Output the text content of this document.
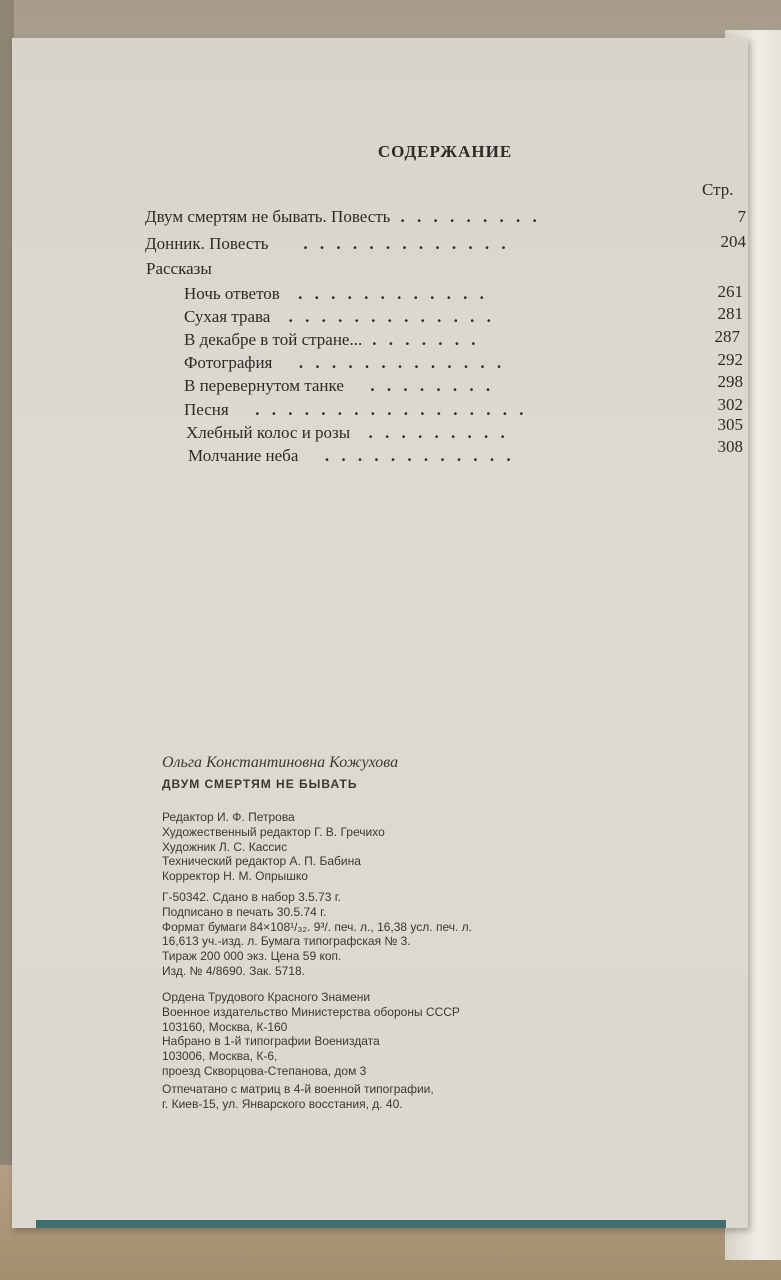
СОДЕРЖАНИЕ
Стр.
Двум смертям не бывать. Повесть . . . . . . . . .	7
Донник. Повесть   . . . . . . . . . . . . .	204
Рассказы
Ночь ответов . . . . . . . . . . . .	261
Сухая трава . . . . . . . . . . . . .	281
В декабре в той стране... . . . . . . .	287
Фотография  . . . . . . . . . . . . .	292
В перевернутом танке  . . . . . . . .	298
Песня  . . . . . . . . . . . . . . . . .	302
Хлебный колос и розы . . . . . . . . .	305
Молчание неба  . . . . . . . . . . . .	308
Ольга Константиновна Кожухова
ДВУМ СМЕРТЯМ НЕ БЫВАТЬ
Редактор И. Ф. Петрова
Художественный редактор Г. В. Гречихо
Художник Л. С. Кассис
Технический редактор А. П. Бабина
Корректор Н. М. Опрышко
Г-50342. Сдано в набор 3.5.73 г.
Подписано в печать 30.5.74 г.
Формат бумаги 84×108¹/₃₂. 9³/. печ. л., 16,38 усл. печ. л.
16,613 уч.-изд. л. Бумага типографская № 3.
Тираж 200 000 экз. Цена 59 коп.
Изд. № 4/8690. Зак. 5718.
Ордена Трудового Красного Знамени
Военное издательство Министерства обороны СССР
103160, Москва, К-160
Набрано в 1-й типографии Воениздата
103006, Москва, К-6,
проезд Скворцова-Степанова, дом 3
Отпечатано с матриц в 4-й военной типографии,
г. Киев-15, ул. Январского восстания, д. 40.
